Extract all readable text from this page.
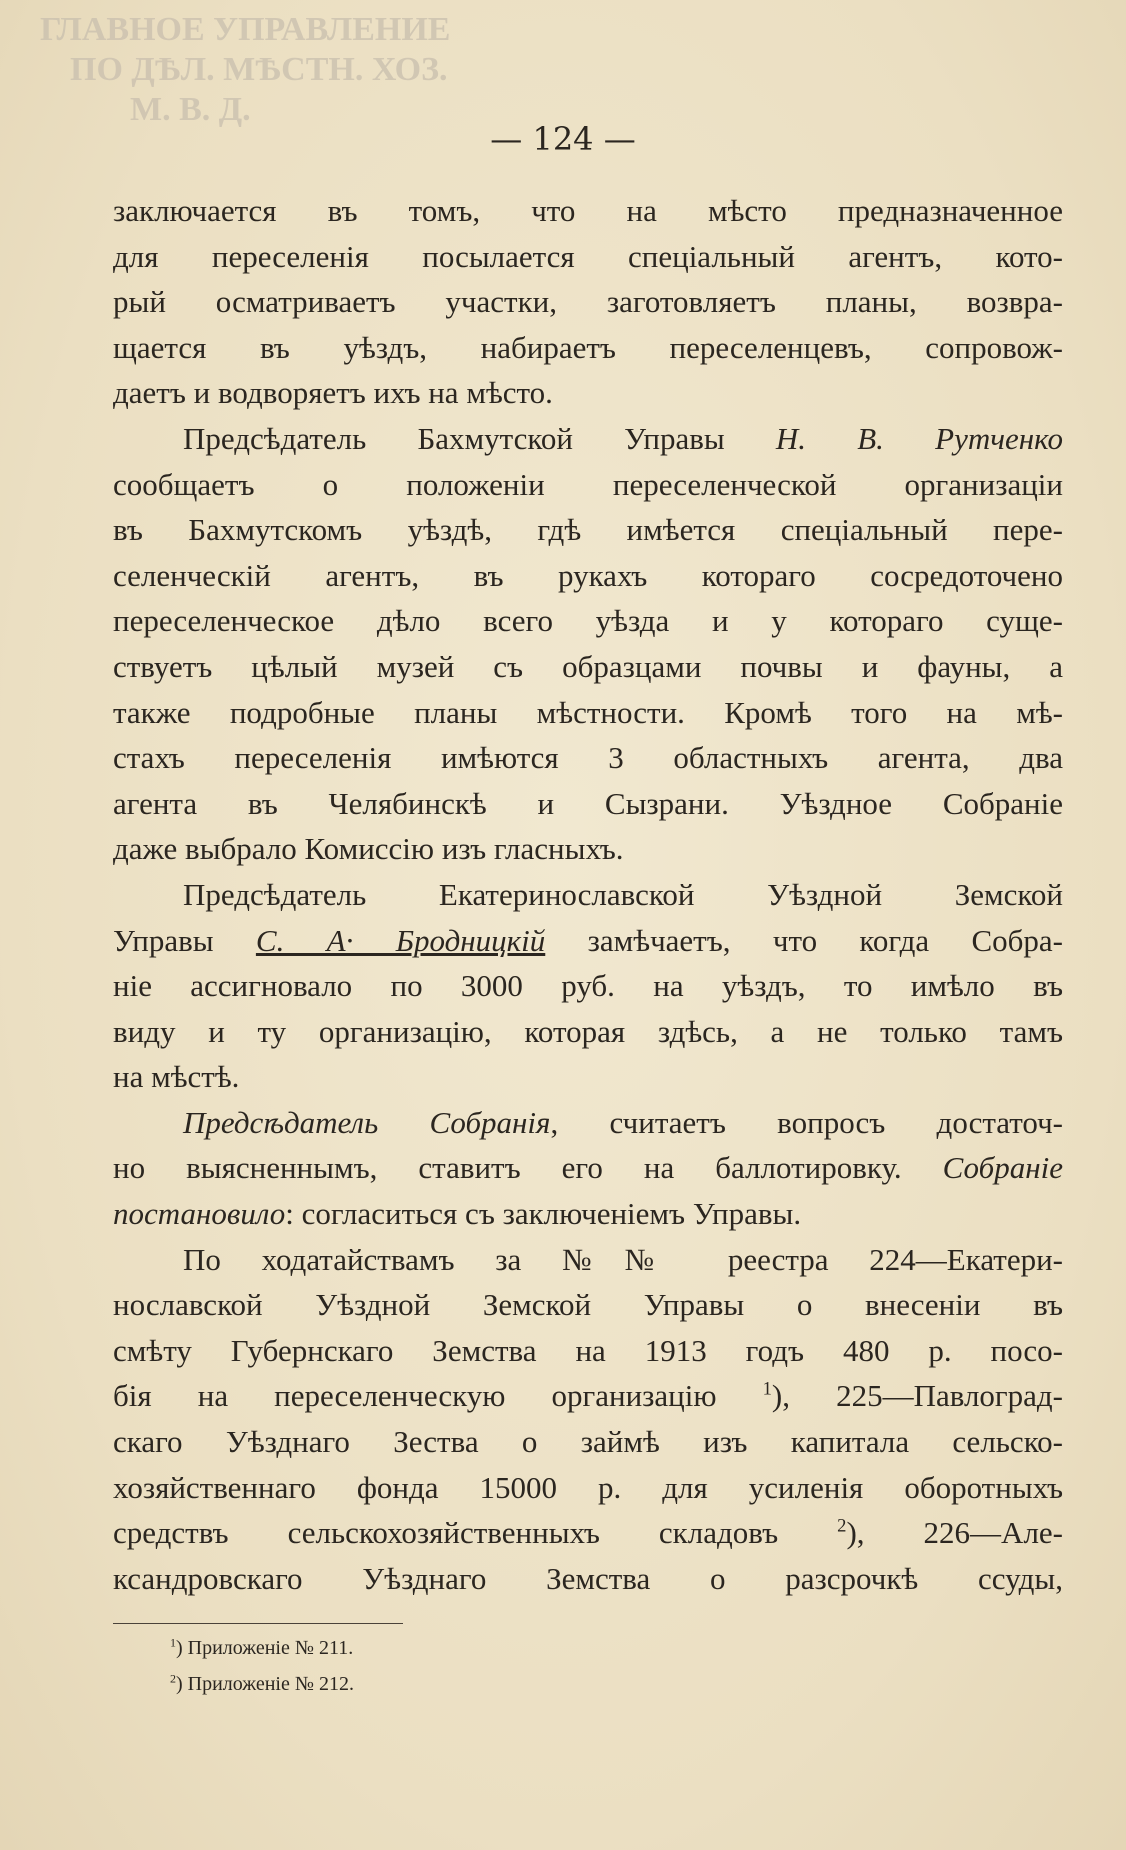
ГЛАВНОЕ УПРАВЛЕНИЕ
ПО ДѢЛ. МѢСТН. ХОЗ.
М. В. Д.
— 124 —
заключается въ томъ, что на мѣсто предназначенное
для переселенія посылается спеціальный агентъ, кото-
рый осматриваетъ участки, заготовляетъ планы, возвра-
щается въ уѣздъ, набираетъ переселенцевъ, сопровож-
даетъ и водворяетъ ихъ на мѣсто.
Предсѣдатель Бахмутской Управы Н. В. Рутченко
сообщаетъ о положеніи переселенческой организаціи
въ Бахмутскомъ уѣздѣ, гдѣ имѣется спеціальный пере-
селенческій агентъ, въ рукахъ котораго сосредоточено
переселенческое дѣло всего уѣзда и у котораго суще-
ствуетъ цѣлый музей съ образцами почвы и фауны, а
также подробные планы мѣстности. Кромѣ того на мѣ-
стахъ переселенія имѣются 3 областныхъ агента, два
агента въ Челябинскѣ и Сызрани. Уѣздное Собраніе
даже выбрало Комиссію изъ гласныхъ.
Предсѣдатель Екатеринославской Уѣздной Земской
Управы С. А· Бродницкій замѣчаетъ, что когда Собра-
ніе ассигновало по 3000 руб. на уѣздъ, то имѣло въ
виду и ту организацію, которая здѣсь, а не только тамъ
на мѣстѣ.
Предсѣдатель Собранія, считаетъ вопросъ достаточ-
но выясненнымъ, ставитъ его на баллотировку. Собраніе
постановило: согласиться съ заключеніемъ Управы.
По ходатайствамъ за №№ реестра 224—Екатери-
нославской Уѣздной Земской Управы о внесеніи въ
смѣту Губернскаго Земства на 1913 годъ 480 р. посо-
бія на переселенческую организацію $^1$), 225—Павлоград-
скаго Уѣзднаго Зества о займѣ изъ капитала сельско-
хозяйственнаго фонда 15000 р. для усиленія оборотныхъ
средствъ сельскохозяйственныхъ складовъ $^2$), 226—Але-
ксандровскаго Уѣзднаго Земства о разсрочкѣ ссуды,
$^1$) Приложеніе № 211.
$^2$) Приложеніе № 212.
